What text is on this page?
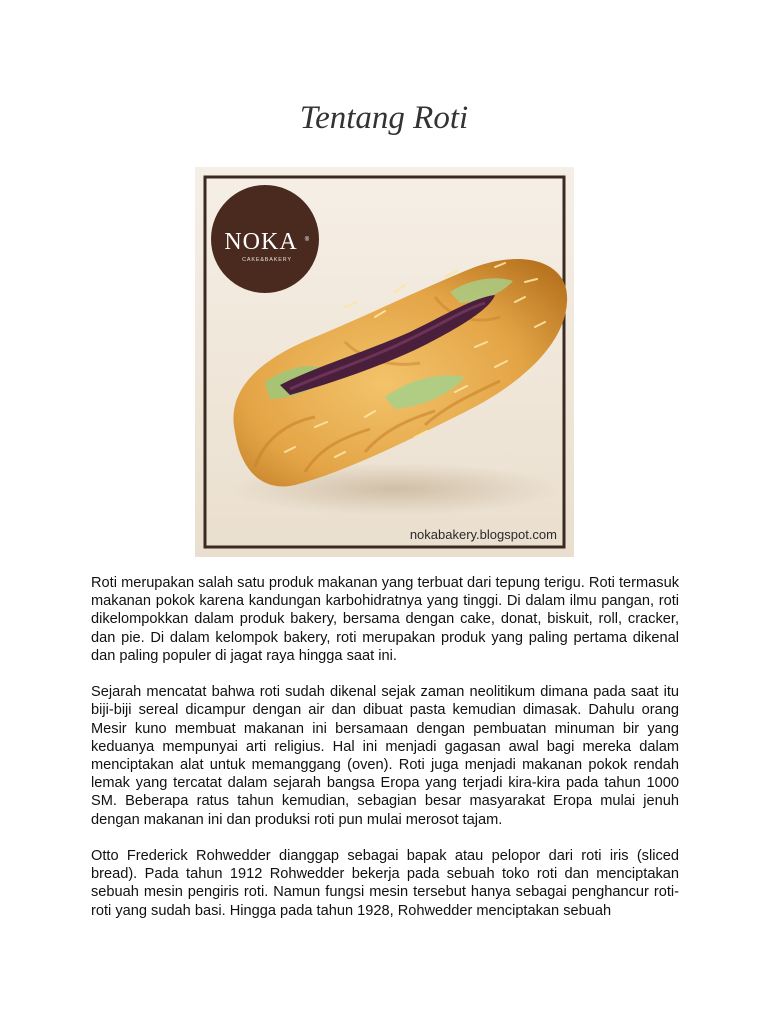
Tentang Roti
NOKA ®
CAKE&BAKERY
nokabakery.blogspot.com

Roti merupakan salah satu produk makanan yang terbuat dari tepung terigu. Roti termasuk makanan pokok karena kandungan karbohidratnya yang tinggi. Di dalam ilmu pangan, roti dikelompokkan dalam produk bakery, bersama dengan cake, donat, biskuit, roll, cracker, dan pie. Di dalam kelompok bakery, roti merupakan produk yang paling pertama dikenal dan paling populer di jagat raya hingga saat ini.

Sejarah mencatat bahwa roti sudah dikenal sejak zaman neolitikum dimana pada saat itu biji-biji sereal dicampur dengan air dan dibuat pasta kemudian dimasak. Dahulu orang Mesir kuno membuat makanan ini bersamaan dengan pembuatan minuman bir yang keduanya mempunyai arti religius. Hal ini menjadi gagasan awal bagi mereka dalam menciptakan alat untuk memanggang (oven). Roti juga menjadi makanan pokok rendah lemak yang tercatat dalam sejarah bangsa Eropa yang terjadi kira-kira pada tahun 1000 SM. Beberapa ratus tahun kemudian, sebagian besar masyarakat Eropa mulai jenuh dengan makanan ini dan produksi roti pun mulai merosot tajam.

Otto Frederick Rohwedder dianggap sebagai bapak atau pelopor dari roti iris (sliced bread). Pada tahun 1912 Rohwedder bekerja pada sebuah toko roti dan menciptakan sebuah mesin pengiris roti. Namun fungsi mesin tersebut hanya sebagai penghancur roti-roti yang sudah basi. Hingga pada tahun 1928, Rohwedder menciptakan sebuah
